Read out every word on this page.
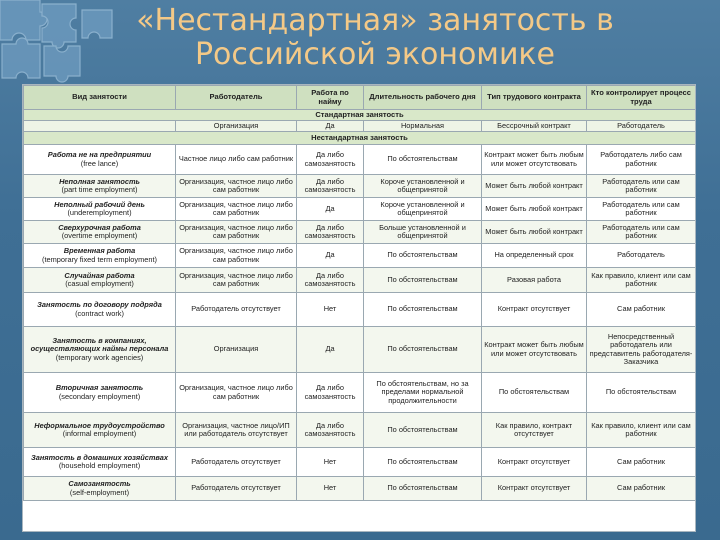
«Нестандартная» занятость в
Российской экономике
Вид занятости	Работодатель	Работа по найму	Длительность рабочего дня	Тип трудового контракта	Кто контролирует процесс труда
Стандартная занятость					
	Организация	Да	Нормальная	Бессрочный контракт	Работодатель
Нестандартная занятость					
Работа не на предприятии
(free lance)	Частное лицо либо сам работник	Да либо самозанятость	По обстоятельствам	Контракт может быть любым или может отсутствовать	Работодатель либо сам работник
Неполная занятость
(part time employment)	Организация, частное лицо либо сам работник	Да либо самозанятость	Короче установленной и общепринятой	Может быть любой контракт	Работодатель или сам работник
Неполный рабочий день
(underemployment)	Организация, частное лицо либо сам работник	Да	Короче установленной и общепринятой	Может быть любой контракт	Работодатель или сам работник
Сверхурочная работа
(overtime employment)	Организация, частное лицо либо сам работник	Да либо самозанятость	Больше установленной и общепринятой	Может быть любой контракт	Работодатель или сам работник
Временная работа
(temporary fixed term employment)	Организация, частное лицо либо сам работник	Да	По обстоятельствам	На определенный срок	Работодатель
Случайная работа
(casual employment)	Организация, частное лицо либо сам работник	Да либо самозанятость	По обстоятельствам	Разовая работа	Как правило, клиент или сам работник
Занятость по договору подряда
(contract work)	Работодатель отсутствует	Нет	По обстоятельствам	Контракт отсутствует	Сам работник
Занятость в компаниях, осуществляющих наймы персонала
(temporary work agencies)	Организация	Да	По обстоятельствам	Контракт может быть любым или может отсутствовать	Непосредственный работодатель или представитель работодателя-Заказчика
Вторичная занятость
(secondary employment)	Организация, частное лицо либо сам работник	Да либо самозанятость	По обстоятельствам, но за пределами нормальной продолжительности	По обстоятельствам	По обстоятельствам
Неформальное трудоустройство
(informal employment)	Организация, частное лицо/ИП или работодатель отсутствует	Да либо самозанятость	По обстоятельствам	Как правило, контракт отсутствует	Как правило, клиент или сам работник
Занятость в домашних хозяйствах
(household employment)	Работодатель отсутствует	Нет	По обстоятельствам	Контракт отсутствует	Сам работник
Самозанятость
(self-employment)	Работодатель отсутствует	Нет	По обстоятельствам	Контракт отсутствует	Сам работник
